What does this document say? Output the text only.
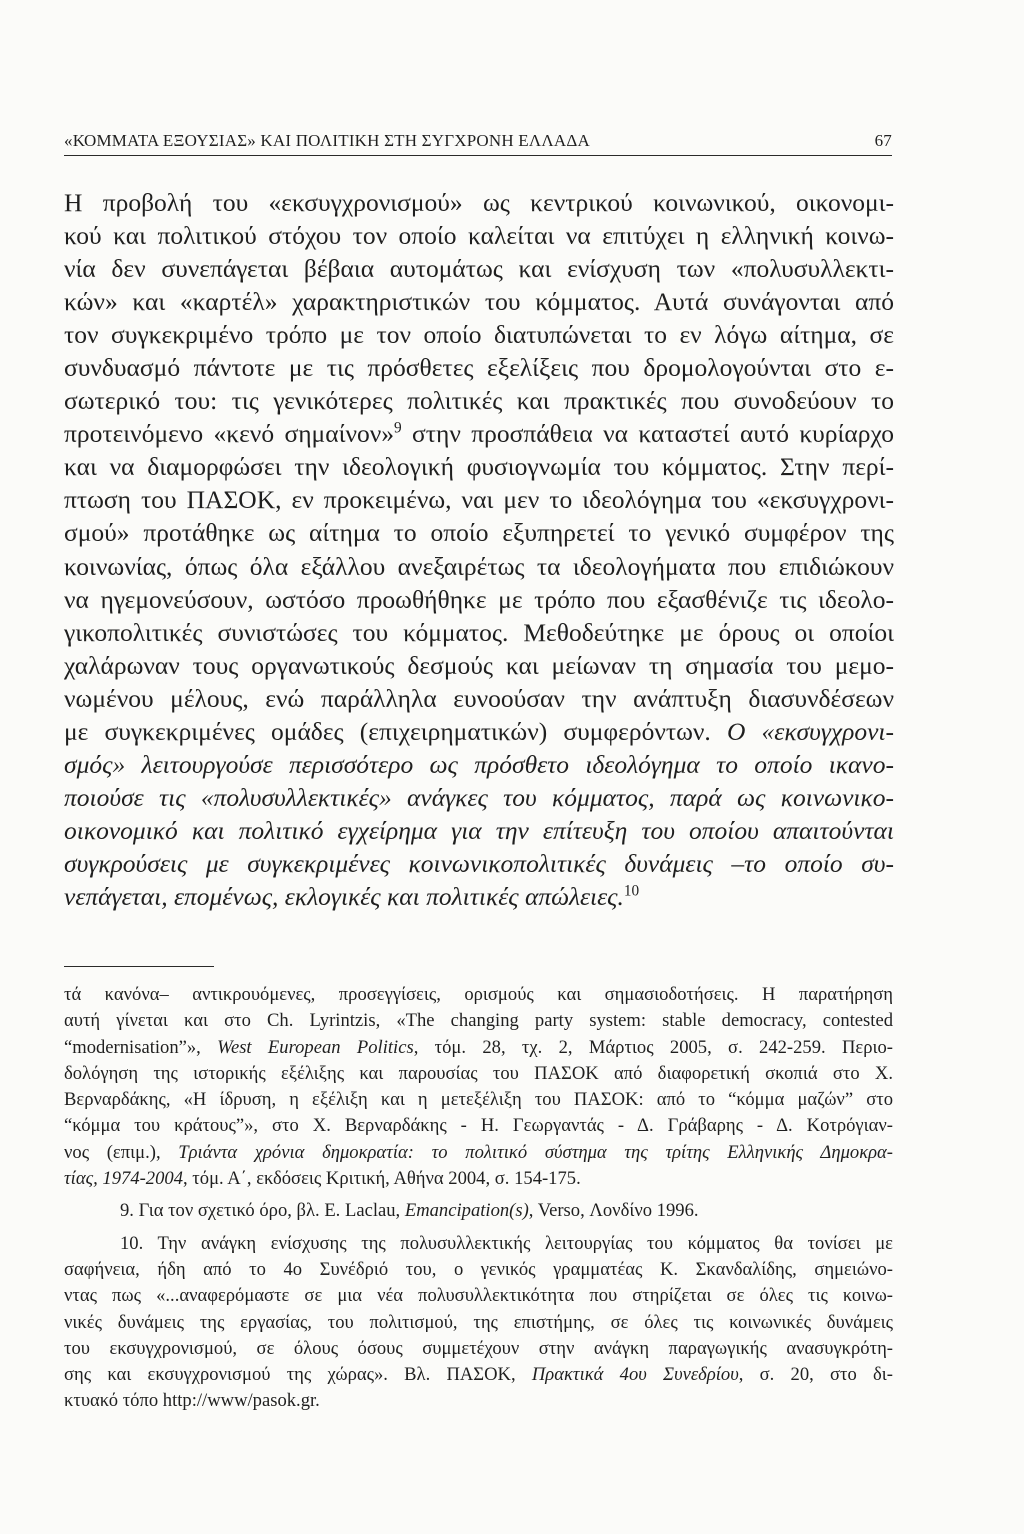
«ΚΟΜΜΑΤΑ ΕΞΟΥΣΙΑΣ» ΚΑΙ ΠΟΛΙΤΙΚΗ ΣΤΗ ΣΥΓΧΡΟΝΗ ΕΛΛΑΔΑ	67
Η προβολή του «εκσυγχρονισμού» ως κεντρικού κοινωνικού, οικονομι-
κού και πολιτικού στόχου τον οποίο καλείται να επιτύχει η ελληνική κοινω-
νία δεν συνεπάγεται βέβαια αυτομάτως και ενίσχυση των «πολυσυλλεκτι-
κών» και «καρτέλ» χαρακτηριστικών του κόμματος. Αυτά συνάγονται από
τον συγκεκριμένο τρόπο με τον οποίο διατυπώνεται το εν λόγω αίτημα, σε
συνδυασμό πάντοτε με τις πρόσθετες εξελίξεις που δρομολογούνται στο ε-
σωτερικό του: τις γενικότερες πολιτικές και πρακτικές που συνοδεύουν το
προτεινόμενο «κενό σημαίνον»$^9$ στην προσπάθεια να καταστεί αυτό κυρίαρχο
και να διαμορφώσει την ιδεολογική φυσιογνωμία του κόμματος. Στην περί-
πτωση του ΠΑΣΟΚ, εν προκειμένω, ναι μεν το ιδεολόγημα του «εκσυγχρονι-
σμού» προτάθηκε ως αίτημα το οποίο εξυπηρετεί το γενικό συμφέρον της
κοινωνίας, όπως όλα εξάλλου ανεξαιρέτως τα ιδεολογήματα που επιδιώκουν
να ηγεμονεύσουν, ωστόσο προωθήθηκε με τρόπο που εξασθένιζε τις ιδεολο-
γικοπολιτικές συνιστώσες του κόμματος. Μεθοδεύτηκε με όρους οι οποίοι
χαλάρωναν τους οργανωτικούς δεσμούς και μείωναν τη σημασία του μεμο-
νωμένου μέλους, ενώ παράλληλα ευνοούσαν την ανάπτυξη διασυνδέσεων
με συγκεκριμένες ομάδες (επιχειρηματικών) συμφερόντων. Ο «εκσυγχρονι-
σμός» λειτουργούσε περισσότερο ως πρόσθετο ιδεολόγημα το οποίο ικανο-
ποιούσε τις «πολυσυλλεκτικές» ανάγκες του κόμματος, παρά ως κοινωνικο-
οικονομικό και πολιτικό εγχείρημα για την επίτευξη του οποίου απαιτούνται
συγκρούσεις με συγκεκριμένες κοινωνικοπολιτικές δυνάμεις –το οποίο συ-
νεπάγεται, επομένως, εκλογικές και πολιτικές απώλειες.$^{10}$
τά κανόνα– αντικρουόμενες, προσεγγίσεις, ορισμούς και σημασιοδοτήσεις. Η παρατήρηση
αυτή γίνεται και στο Ch. Lyrintzis, «The changing party system: stable democracy, contested
“modernisation”», West European Politics, τόμ. 28, τχ. 2, Μάρτιος 2005, σ. 242-259. Περιο-
δολόγηση της ιστορικής εξέλιξης και παρουσίας του ΠΑΣΟΚ από διαφορετική σκοπιά στο Χ.
Βερναρδάκης, «Η ίδρυση, η εξέλιξη και η μετεξέλιξη του ΠΑΣΟΚ: από το “κόμμα μαζών” στο
“κόμμα του κράτους”», στο Χ. Βερναρδάκης - Η. Γεωργαντάς - Δ. Γράβαρης - Δ. Κοτρόγιαν-
νος (επιμ.), Τριάντα χρόνια δημοκρατία: το πολιτικό σύστημα της τρίτης Ελληνικής Δημοκρα-
τίας, 1974-2004, τόμ. Α΄, εκδόσεις Κριτική, Αθήνα 2004, σ. 154-175.
9. Για τον σχετικό όρο, βλ. E. Laclau, Emancipation(s), Verso, Λονδίνο 1996.
10. Την ανάγκη ενίσχυσης της πολυσυλλεκτικής λειτουργίας του κόμματος θα τονίσει με
σαφήνεια, ήδη από το 4ο Συνέδριό του, ο γενικός γραμματέας Κ. Σκανδαλίδης, σημειώνο-
ντας πως «...αναφερόμαστε σε μια νέα πολυσυλλεκτικότητα που στηρίζεται σε όλες τις κοινω-
νικές δυνάμεις της εργασίας, του πολιτισμού, της επιστήμης, σε όλες τις κοινωνικές δυνάμεις
του εκσυγχρονισμού, σε όλους όσους συμμετέχουν στην ανάγκη παραγωγικής ανασυγκρότη-
σης και εκσυγχρονισμού της χώρας». Βλ. ΠΑΣΟΚ, Πρακτικά 4ου Συνεδρίου, σ. 20, στο δι-
κτυακό τόπο http://www/pasok.gr.
